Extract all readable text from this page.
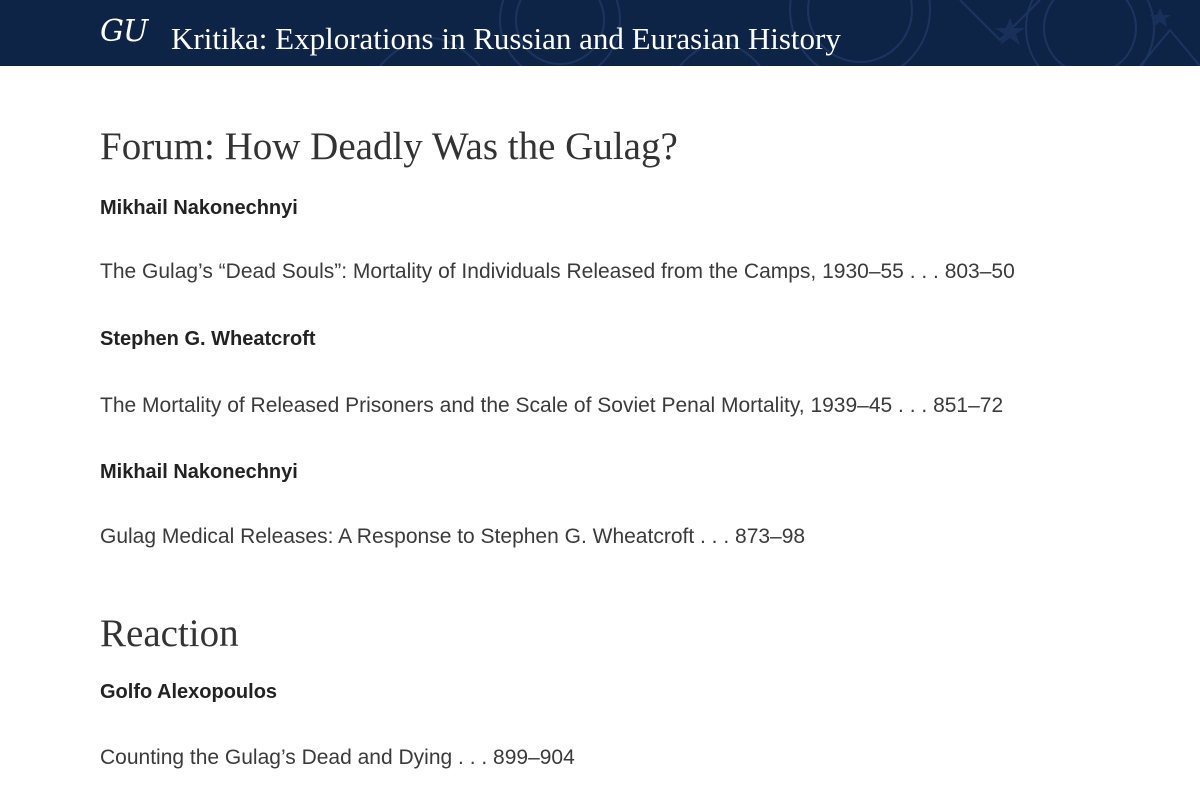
GU Kritika: Explorations in Russian and Eurasian History
Forum: How Deadly Was the Gulag?
Mikhail Nakonechnyi
The Gulag’s “Dead Souls”: Mortality of Individuals Released from the Camps, 1930–55 . . . 803–50
Stephen G. Wheatcroft
The Mortality of Released Prisoners and the Scale of Soviet Penal Mortality, 1939–45 . . . 851–72
Mikhail Nakonechnyi
Gulag Medical Releases: A Response to Stephen G. Wheatcroft . . . 873–98
Reaction
Golfo Alexopoulos
Counting the Gulag’s Dead and Dying . . . 899–904
